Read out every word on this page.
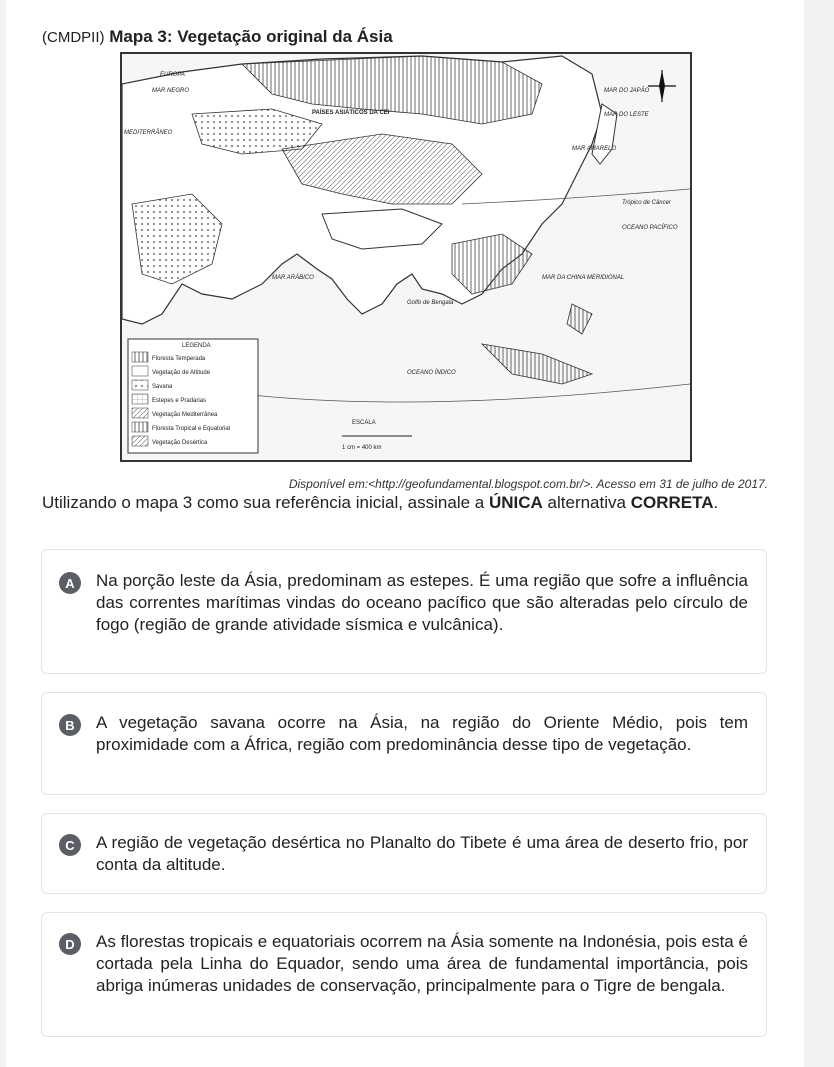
(CMDPII) Mapa 3: Vegetação original da Ásia
EUROPA
MAR NEGRO
MEDITERRÂNEO
PAÍSES ASIÁTICOS DA CEI
MAR DO JAPÃO
MAR DO LESTE
MAR AMARELO
Trópico de Câncer
OCEANO PACÍFICO
MAR ARÁBICO	MAR DA CHINA MERIDIONAL
Golfo de Bengala
OCEANO ÍNDICO
ESCALA
1 cm = 400 km
LEGENDA
Floresta Temperada
Vegetação de Altitude
Savana
Estepes e Pradarias
Vegetação Mediterrânea
Floresta Tropical e Equatorial
Vegetação Desértica
Disponível em:<http://geofundamental.blogspot.com.br/>. Acesso em 31 de julho de 2017.
Utilizando o mapa 3 como sua referência inicial, assinale a ÚNICA alternativa CORRETA.
A	Na porção leste da Ásia, predominam as estepes. É uma região que sofre a influência das correntes marítimas vindas do oceano pacífico que são alteradas pelo círculo de fogo (região de grande atividade sísmica e vulcânica).
B	A vegetação savana ocorre na Ásia, na região do Oriente Médio, pois tem proximidade com a África, região com predominância desse tipo de vegetação.
C	A região de vegetação desértica no Planalto do Tibete é uma área de deserto frio, por conta da altitude.
D	As florestas tropicais e equatoriais ocorrem na Ásia somente na Indonésia, pois esta é cortada pela Linha do Equador, sendo uma área de fundamental importância, pois abriga inúmeras unidades de conservação, principalmente para o Tigre de bengala.
